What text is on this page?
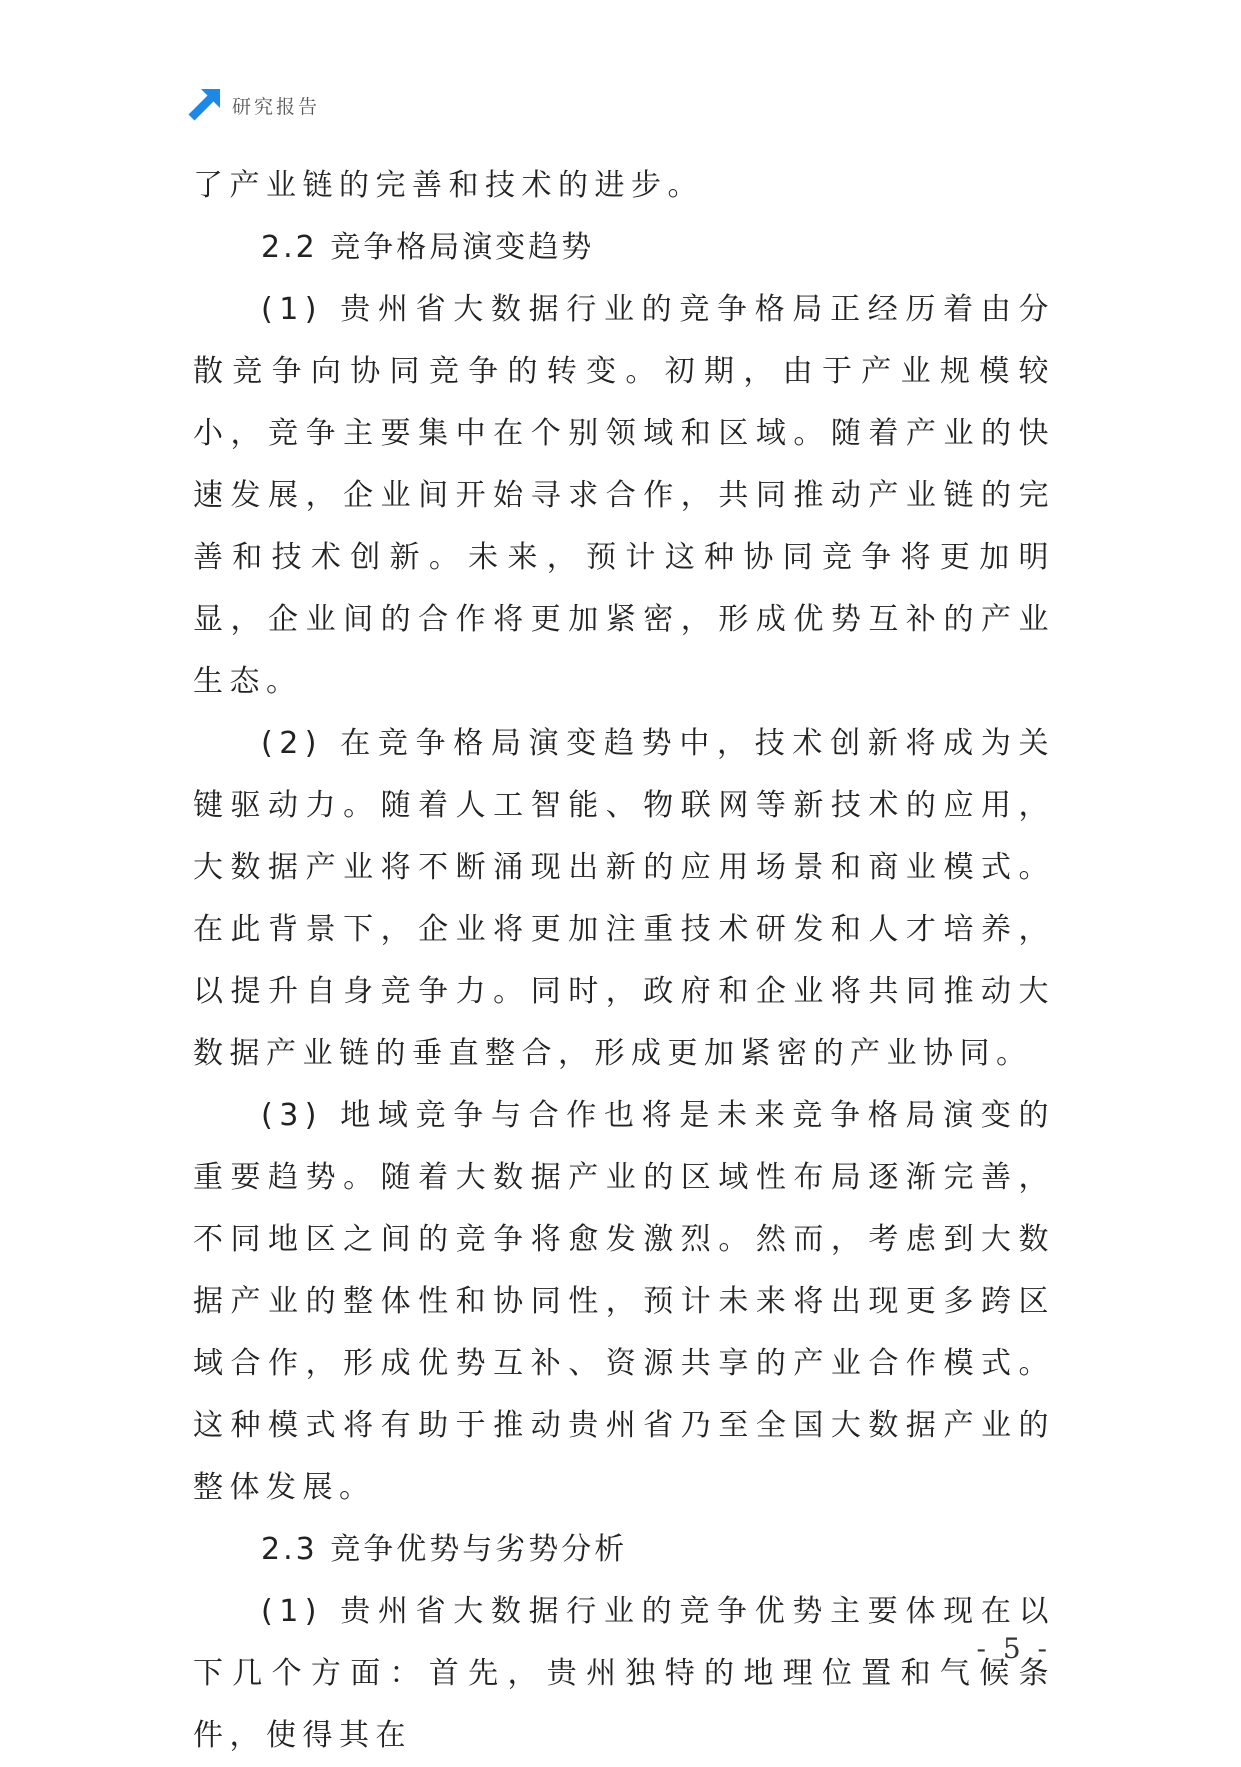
研究报告

了产业链的完善和技术的进步。

2.2 竞争格局演变趋势

(1) 贵州省大数据行业的竞争格局正经历着由分散竞争向协同竞争的转变。初期，由于产业规模较小，竞争主要集中在个别领域和区域。随着产业的快速发展，企业间开始寻求合作，共同推动产业链的完善和技术创新。未来，预计这种协同竞争将更加明显，企业间的合作将更加紧密，形成优势互补的产业生态。

(2) 在竞争格局演变趋势中，技术创新将成为关键驱动力。随着人工智能、物联网等新技术的应用，大数据产业将不断涌现出新的应用场景和商业模式。在此背景下，企业将更加注重技术研发和人才培养，以提升自身竞争力。同时，政府和企业将共同推动大数据产业链的垂直整合，形成更加紧密的产业协同。

(3) 地域竞争与合作也将是未来竞争格局演变的重要趋势。随着大数据产业的区域性布局逐渐完善，不同地区之间的竞争将愈发激烈。然而，考虑到大数据产业的整体性和协同性，预计未来将出现更多跨区域合作，形成优势互补、资源共享的产业合作模式。这种模式将有助于推动贵州省乃至全国大数据产业的整体发展。

2.3 竞争优势与劣势分析

(1) 贵州省大数据行业的竞争优势主要体现在以下几个方面：首先，贵州独特的地理位置和气候条件，使得其在

- 5 -
